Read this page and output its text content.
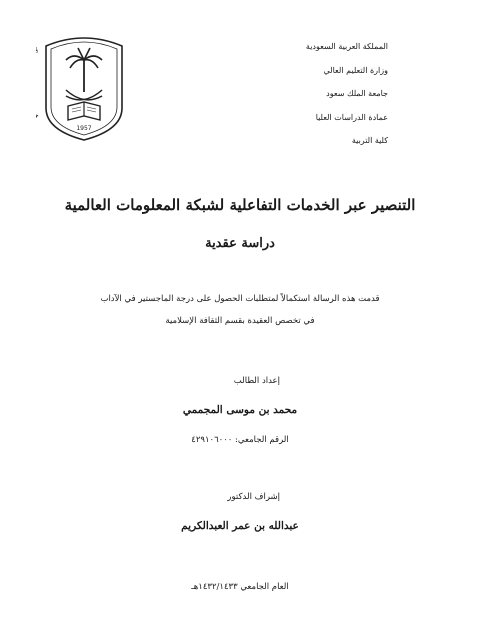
1957
المملكة العربية السعودية
وزارة التعليم العالي
جامعة الملك سعود
عمادة الدراسات العليا
كلية التربية
التنصير عبر الخدمات التفاعلية لشبكة المعلومات العالمية
دراسة عقدية
قدمت هذه الرسالة استكمالاً لمتطلبات الحصول على درجة الماجستير في الآداب
في تخصص العقيدة بقسم الثقافة الإسلامية
إعداد الطالب
محمد بن موسى المجممي
الرقم الجامعي: ٤٢٩١٠٦٠٠٠
إشراف الدكتور
عبدالله بن عمر العبدالكريم
العام الجامعي ١٤٣٢/١٤٣٣هـ
